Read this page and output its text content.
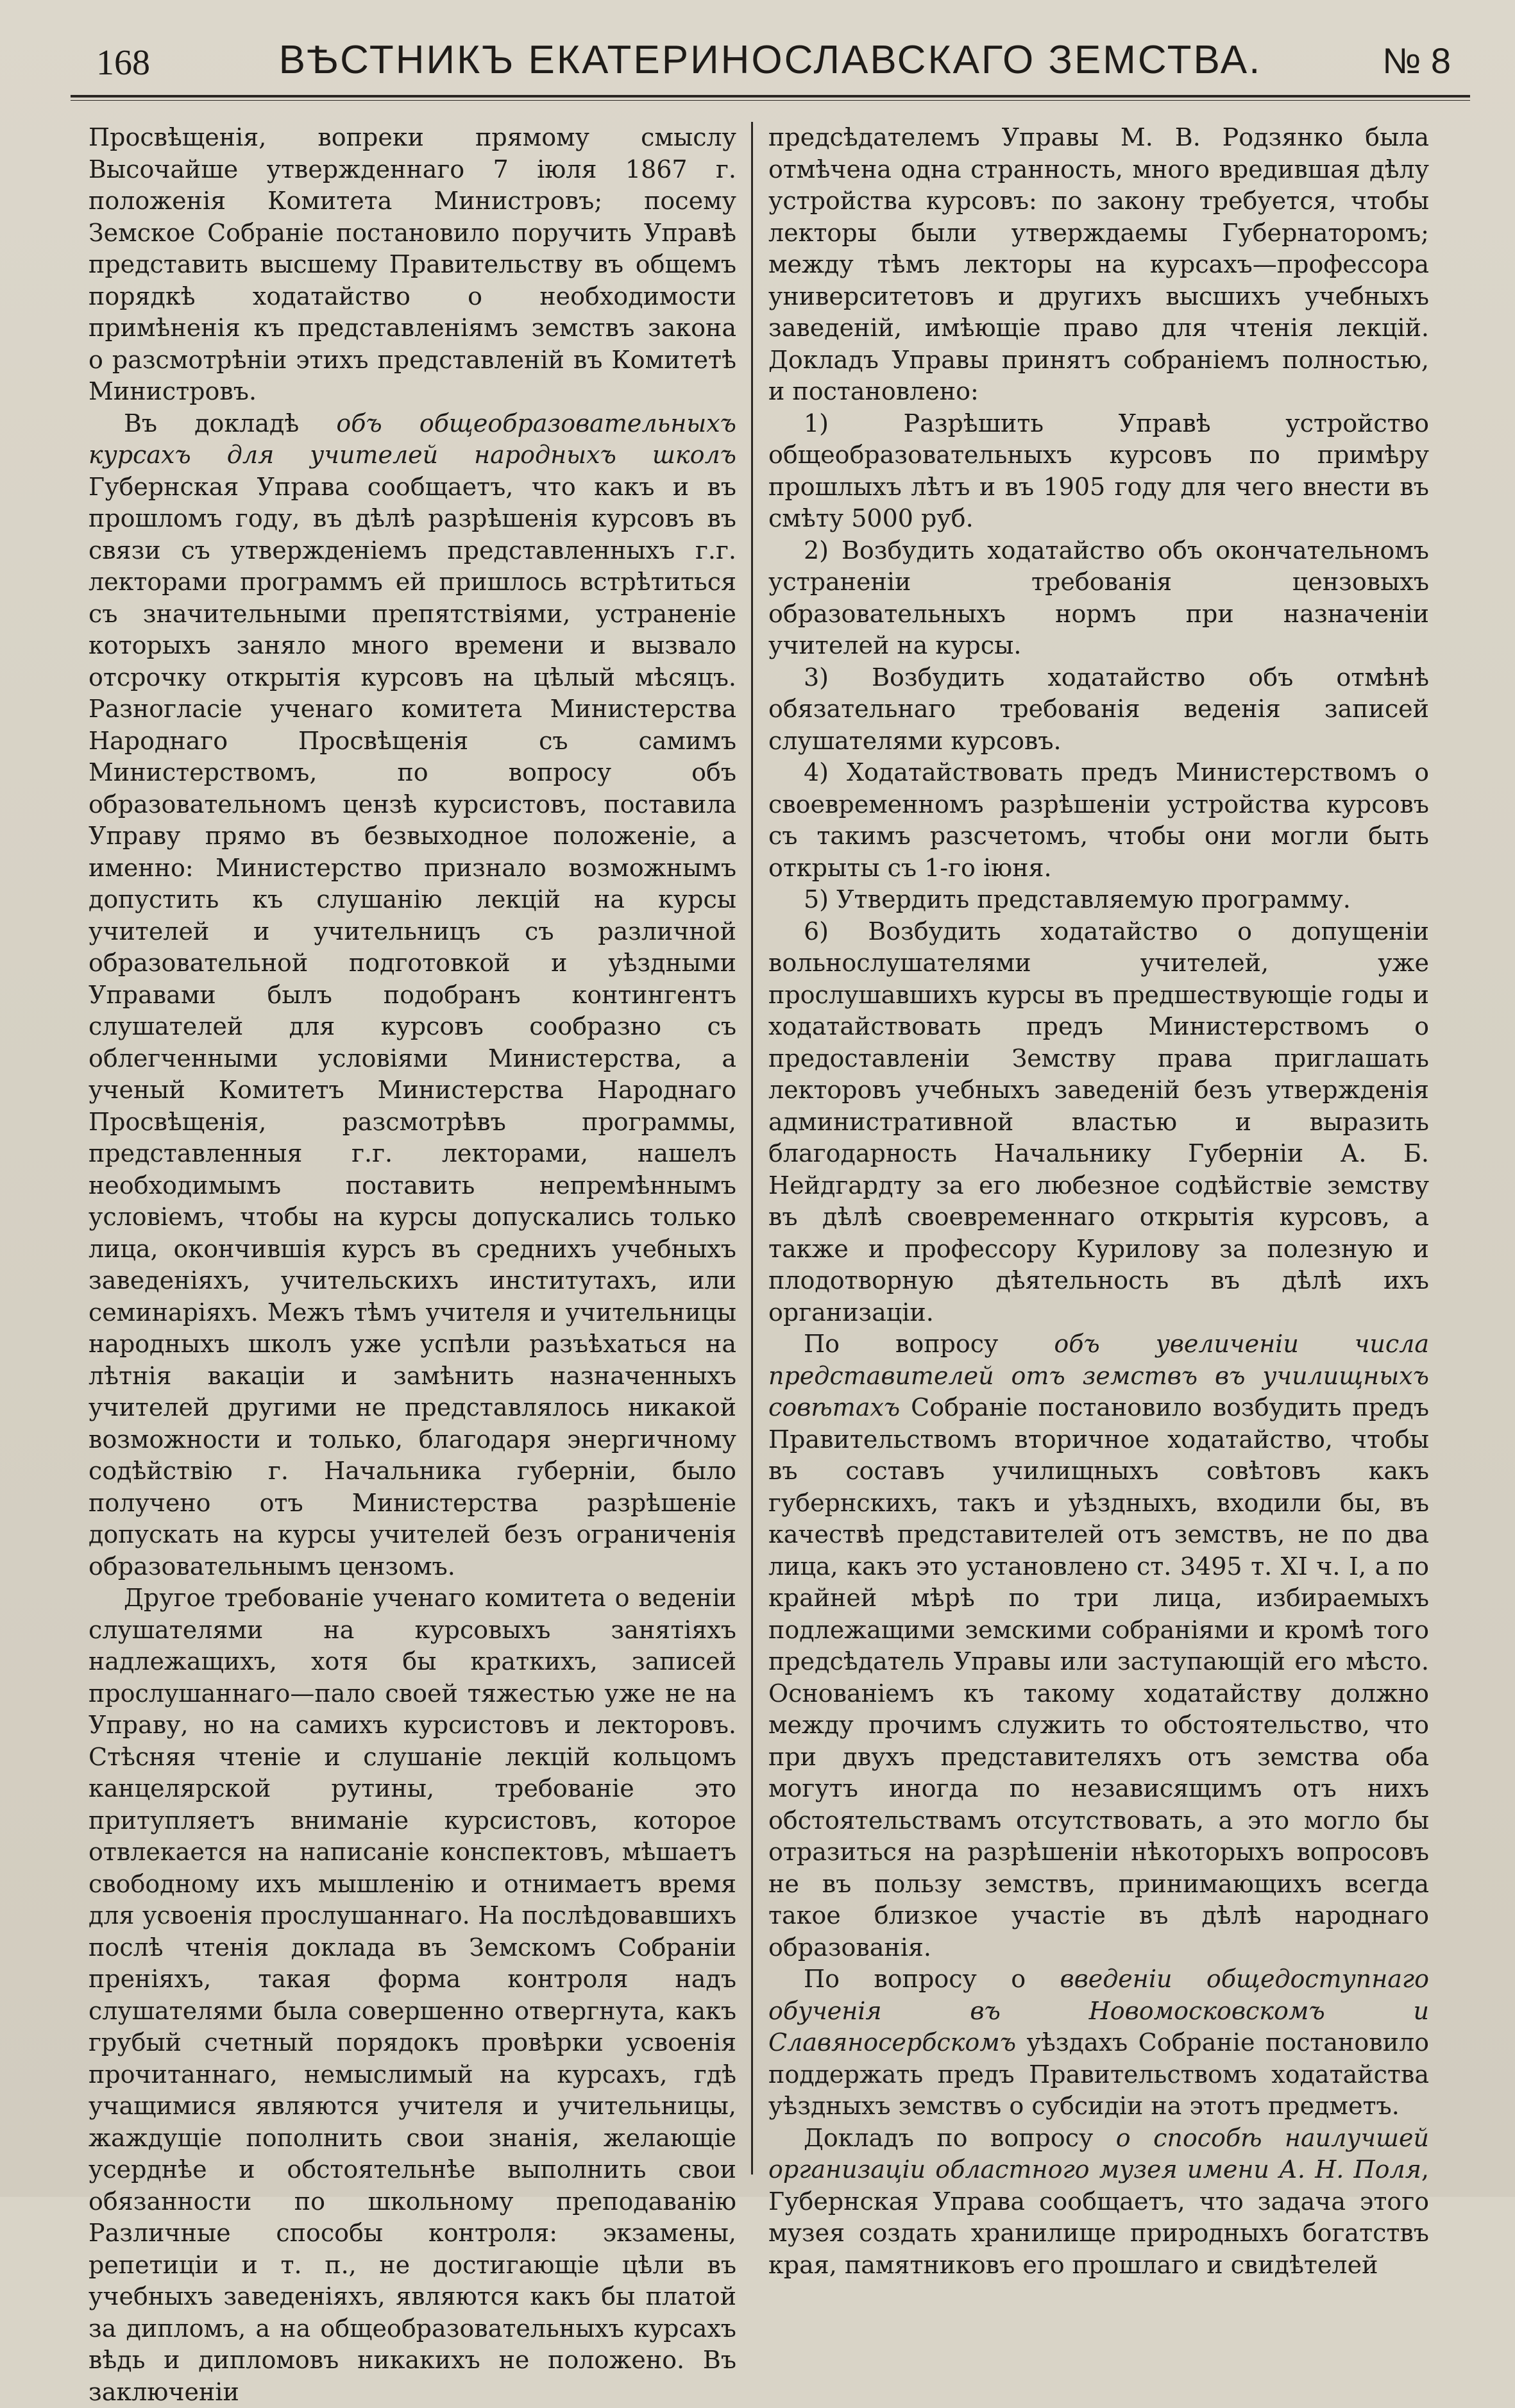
168	ВѢСТНИКЪ ЕКАТЕРИНОСЛАВСКАГО ЗЕМСТВА.	№ 8

Просвѣщенія, вопреки прямому смыслу Высочайше утвержденнаго 7 іюля 1867 г. положенія Комитета Министровъ; посему Земское Собраніе постановило поручить Управѣ представить высшему Правительству въ общемъ порядкѣ ходатайство о необходимости примѣненія къ представленіямъ земствъ закона о разсмотрѣніи этихъ представленій въ Комитетѣ Министровъ.

Въ докладѣ объ общеобразовательныхъ курсахъ для учителей народныхъ школъ Губернская Управа сообщаетъ, что какъ и въ прошломъ году, въ дѣлѣ разрѣшенія курсовъ въ связи съ утвержденіемъ представленныхъ г.г. лекторами программъ ей пришлось встрѣтиться съ значительными препятствіями, устраненіе которыхъ заняло много времени и вызвало отсрочку открытія курсовъ на цѣлый мѣсяцъ. Разногласіе ученаго комитета Министерства Народнаго Просвѣщенія съ самимъ Министерствомъ, по вопросу объ образовательномъ цензѣ курсистовъ, поставила Управу прямо въ безвыходное положеніе, а именно: Министерство признало возможнымъ допустить къ слушанію лекцій на курсы учителей и учительницъ съ различной образовательной подготовкой и уѣздными Управами былъ подобранъ контингентъ слушателей для курсовъ сообразно съ облегченными условіями Министерства, а ученый Комитетъ Министерства Народнаго Просвѣщенія, разсмотрѣвъ программы, представленныя г.г. лекторами, нашелъ необходимымъ поставить непремѣннымъ условіемъ, чтобы на курсы допускались только лица, окончившія курсъ въ среднихъ учебныхъ заведеніяхъ, учительскихъ институтахъ, или семинаріяхъ. Межъ тѣмъ учителя и учительницы народныхъ школъ уже успѣли разъѣхаться на лѣтнія вакаціи и замѣнить назначенныхъ учителей другими не представлялось никакой возможности и только, благодаря энергичному содѣйствію г. Начальника губерніи, было получено отъ Министерства разрѣшеніе допускать на курсы учителей безъ ограниченія образовательнымъ цензомъ.

Другое требованіе ученаго комитета о веденіи слушателями на курсовыхъ занятіяхъ надлежащихъ, хотя бы краткихъ, записей прослушаннаго—пало своей тяжестью уже не на Управу, но на самихъ курсистовъ и лекторовъ. Стѣсняя чтеніе и слушаніе лекцій кольцомъ канцелярской рутины, требованіе это притупляетъ вниманіе курсистовъ, которое отвлекается на написаніе конспектовъ, мѣшаетъ свободному ихъ мышленію и отнимаетъ время для усвоенія прослушаннаго. На послѣдовавшихъ послѣ чтенія доклада въ Земскомъ Собраніи преніяхъ, такая форма контроля надъ слушателями была совершенно отвергнута, какъ грубый счетный порядокъ провѣрки усвоенія прочитаннаго, немыслимый на курсахъ, гдѣ учащимися являются учителя и учительницы, жаждущіе пополнить свои знанія, желающіе усерднѣе и обстоятельнѣе выполнить свои обязанности по школьному преподаванію Различные способы контроля: экзамены, репетиціи и т. п., не достигающіе цѣли въ учебныхъ заведеніяхъ, являются какъ бы платой за дипломъ, а на общеобразовательныхъ курсахъ вѣдь и дипломовъ никакихъ не положено. Въ заключеніи

предсѣдателемъ Управы М. В. Родзянко была отмѣчена одна странность, много вредившая дѣлу устройства курсовъ: по закону требуется, чтобы лекторы были утверждаемы Губернаторомъ; между тѣмъ лекторы на курсахъ—профессора университетовъ и другихъ высшихъ учебныхъ заведеній, имѣющіе право для чтенія лекцій. Докладъ Управы принятъ собраніемъ полностью, и постановлено:

1) Разрѣшить Управѣ устройство общеобразовательныхъ курсовъ по примѣру прошлыхъ лѣтъ и въ 1905 году для чего внести въ смѣту 5000 руб.

2) Возбудить ходатайство объ окончательномъ устраненіи требованія цензовыхъ образовательныхъ нормъ при назначеніи учителей на курсы.

3) Возбудить ходатайство объ отмѣнѣ обязательнаго требованія веденія записей слушателями курсовъ.

4) Ходатайствовать предъ Министерствомъ о своевременномъ разрѣшеніи устройства курсовъ съ такимъ разсчетомъ, чтобы они могли быть открыты съ 1-го іюня.

5) Утвердить представляемую программу.

6) Возбудить ходатайство о допущеніи вольнослушателями учителей, уже прослушавшихъ курсы въ предшествующіе годы и ходатайствовать предъ Министерствомъ о предоставленіи Земству права приглашать лекторовъ учебныхъ заведеній безъ утвержденія административной властью и выразить благодарность Начальнику Губерніи А. Б. Нейдгардту за его любезное содѣйствіе земству въ дѣлѣ своевременнаго открытія курсовъ, а также и профессору Курилову за полезную и плодотворную дѣятельность въ дѣлѣ ихъ организаціи.

По вопросу объ увеличеніи числа представителей отъ земствъ въ училищныхъ совѣтахъ Собраніе постановило возбудить предъ Правительствомъ вторичное ходатайство, чтобы въ составъ училищныхъ совѣтовъ какъ губернскихъ, такъ и уѣздныхъ, входили бы, въ качествѣ представителей отъ земствъ, не по два лица, какъ это установлено ст. 3495 т. XI ч. I, а по крайней мѣрѣ по три лица, избираемыхъ подлежащими земскими собраніями и кромѣ того предсѣдатель Управы или заступающій его мѣсто. Основаніемъ къ такому ходатайству должно между прочимъ служить то обстоятельство, что при двухъ представителяхъ отъ земства оба могутъ иногда по независящимъ отъ нихъ обстоятельствамъ отсутствовать, а это могло бы отразиться на разрѣшеніи нѣкоторыхъ вопросовъ не въ пользу земствъ, принимающихъ всегда такое близкое участіе въ дѣлѣ народнаго образованія.

По вопросу о введеніи общедоступнаго обученія въ Новомосковскомъ и Славяносербскомъ уѣздахъ Собраніе постановило поддержать предъ Правительствомъ ходатайства уѣздныхъ земствъ о субсидіи на этотъ предметъ.

Докладъ по вопросу о способѣ наилучшей организаціи областного музея имени А. Н. Поля, Губернская Управа сообщаетъ, что задача этого музея создать хранилище природныхъ богатствъ края, памятниковъ его прошлаго и свидѣтелей
